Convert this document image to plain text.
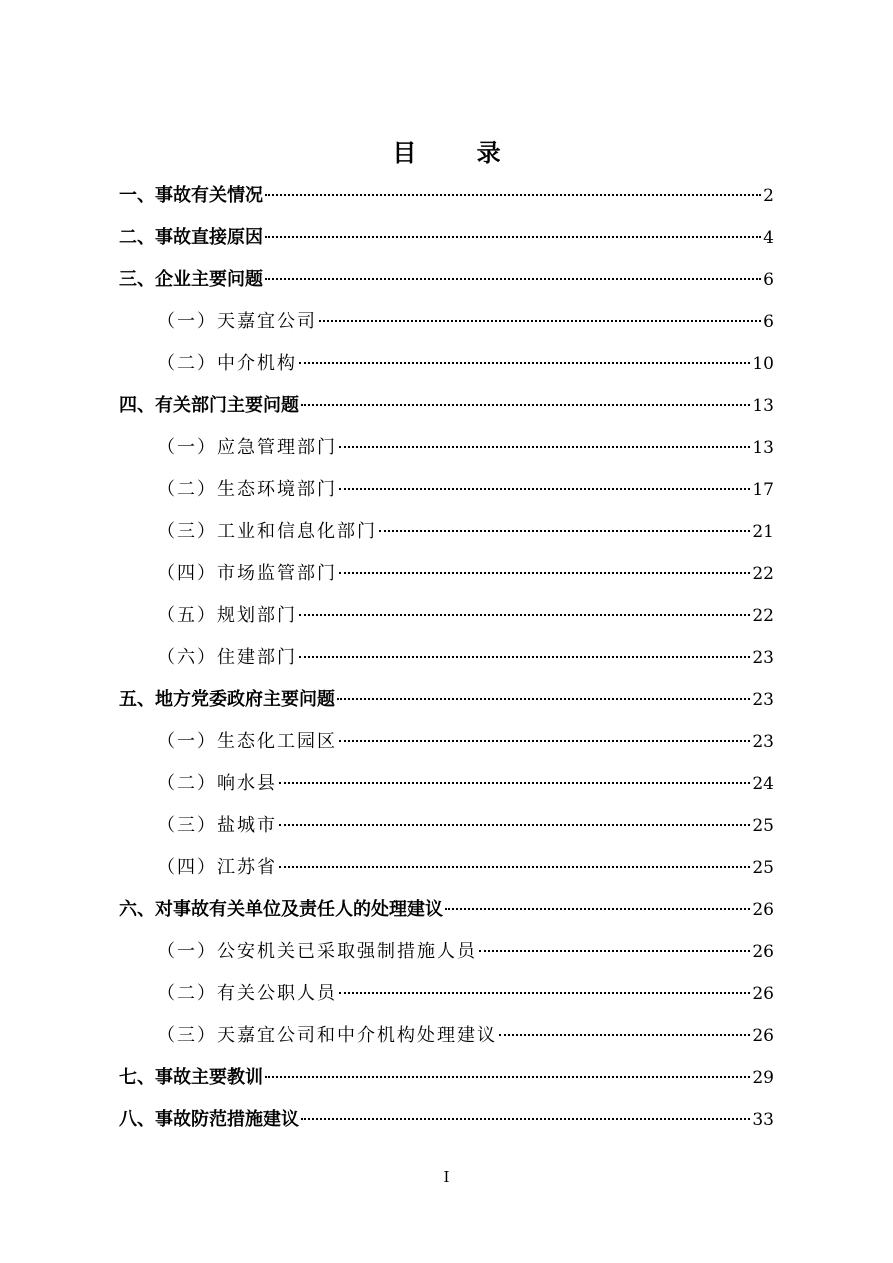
目 录
一、事故有关情况	2
二、事故直接原因	4
三、企业主要问题	6
（一）天嘉宜公司	6
（二）中介机构	10
四、有关部门主要问题	13
（一）应急管理部门	13
（二）生态环境部门	17
（三）工业和信息化部门	21
（四）市场监管部门	22
（五）规划部门	22
（六）住建部门	23
五、地方党委政府主要问题	23
（一）生态化工园区	23
（二）响水县	24
（三）盐城市	25
（四）江苏省	25
六、对事故有关单位及责任人的处理建议	26
（一）公安机关已采取强制措施人员	26
（二）有关公职人员	26
（三）天嘉宜公司和中介机构处理建议	26
七、事故主要教训	29
八、事故防范措施建议	33
I
